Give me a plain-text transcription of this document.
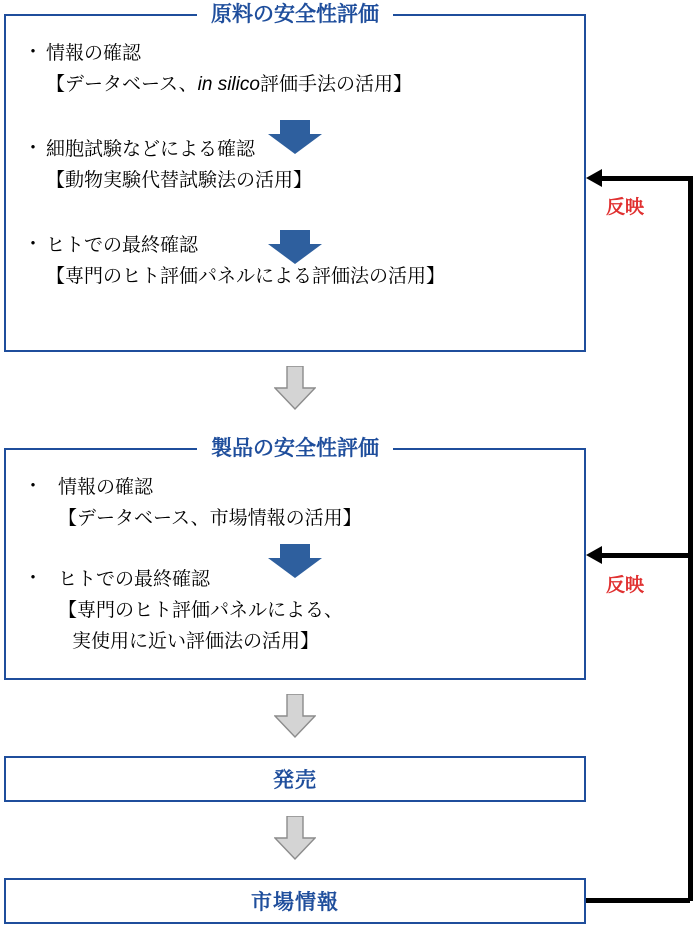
原料の安全性評価
・ 情報の確認
【データベース、in silico評価手法の活用】
・ 細胞試験などによる確認
【動物実験代替試験法の活用】
・ ヒトでの最終確認
【専門のヒト評価パネルによる評価法の活用】
製品の安全性評価
・ 情報の確認
【データベース、市場情報の活用】
・ ヒトでの最終確認
【専門のヒト評価パネルによる、
実使用に近い評価法の活用】
発売
市場情報
反映
反映
